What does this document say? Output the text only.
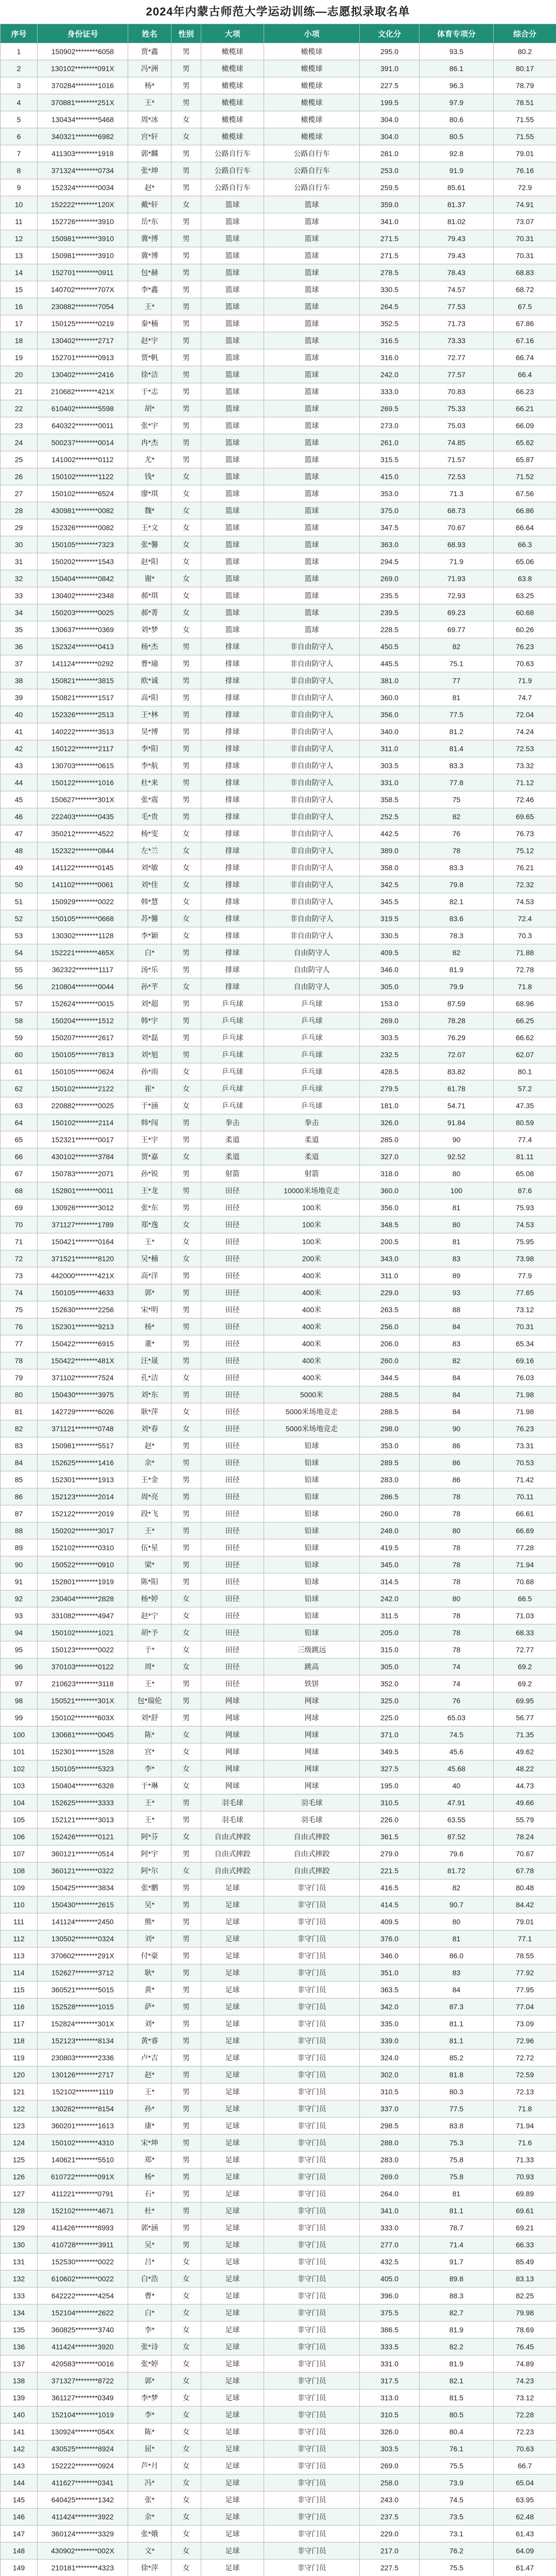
2024年内蒙古师范大学运动训练—志愿拟录取名单
序号	身份证号	姓名	性别	大项	小项	文化分	体育专项分	综合分
1	150902********6058	贾*鑫	男	橄榄球	橄榄球	295.0	93.5	80.2
2	130102********091X	冯*洲	男	橄榄球	橄榄球	391.0	86.1	80.17
3	370284********1016	杨*	男	橄榄球	橄榄球	227.5	96.3	78.79
4	370881********251X	王*	男	橄榄球	橄榄球	199.5	97.9	78.51
5	130434********5468	周*冰	女	橄榄球	橄榄球	304.0	80.6	71.55
6	340321********6982	宫*轩	女	橄榄球	橄榄球	304.0	80.5	71.55
7	411303********1918	郭*麟	男	公路自行车	公路自行车	281.0	92.8	79.01
8	371324********0734	张*坤	男	公路自行车	公路自行车	253.0	91.9	76.16
9	152324********0034	赵*	男	公路自行车	公路自行车	259.5	85.61	72.9
10	152222********120X	戴*轩	女	篮球	篮球	359.0	81.37	74.91
11	152726********3910	岳*东	男	篮球	篮球	341.0	81.02	73.07
12	150981********3910	冀*博	男	篮球	篮球	271.5	79.43	70.31
13	150981********3910	冀*博	男	篮球	篮球	271.5	79.43	70.31
14	152701********0911	包*赫	男	篮球	篮球	278.5	78.43	68.83
15	140702********707X	李*鑫	男	篮球	篮球	330.5	74.57	68.72
16	230882********7054	王*	男	篮球	篮球	264.5	77.53	67.5
17	150125********0219	秦*楠	男	篮球	篮球	352.5	71.73	67.86
18	130402********2717	赵*宇	男	篮球	篮球	316.5	73.33	67.16
19	152701********0913	贾*帆	男	篮球	篮球	316.0	72.77	66.74
20	130402********2416	徐*洁	男	篮球	篮球	242.0	77.57	66.4
21	210682********421X	于*志	男	篮球	篮球	333.0	70.83	66.23
22	610402********5598	胡*	男	篮球	篮球	269.5	75.33	66.21
23	640322********0011	张*宇	男	篮球	篮球	273.0	75.03	66.09
24	500237********0014	冉*杰	男	篮球	篮球	261.0	74.85	65.62
25	141002********0112	尤*	男	篮球	篮球	315.5	71.57	65.87
26	150102********1122	钱*	女	篮球	篮球	415.0	72.53	71.52
27	150102********6524	廖*琪	女	篮球	篮球	353.0	71.3	67.56
28	430981********0082	魏*	女	篮球	篮球	375.0	68.73	66.86
29	152326********0082	王*文	女	篮球	篮球	347.5	70.67	66.64
30	150105********7323	张*馨	女	篮球	篮球	363.0	68.93	66.3
31	150202********1543	赵*阳	女	篮球	篮球	294.5	71.9	65.06
32	150404********0842	谢*	女	篮球	篮球	269.0	71.93	63.8
33	130402********2348	郝*琪	女	篮球	篮球	235.5	72.93	63.25
34	150203********0025	郝*菁	女	篮球	篮球	239.5	69.23	60.68
35	130637********0369	刘*梦	女	篮球	篮球	228.5	69.77	60.26
36	152324********0413	杨*杰	男	排球	非自由防守人	450.5	82	76.23
37	141124********0292	曹*瑜	男	排球	非自由防守人	445.5	75.1	70.63
38	150821********3815	欧*诚	男	排球	非自由防守人	381.0	77	71.9
39	150821********1517	高*阳	男	排球	非自由防守人	360.0	81	74.7
40	152326********2513	王*林	男	排球	非自由防守人	356.0	77.5	72.04
41	140222********3513	昊*博	男	排球	非自由防守人	340.0	81.2	74.24
42	150122********2117	李*阳	男	排球	非自由防守人	311.0	81.4	72.53
43	130703********0615	李*航	男	排球	非自由防守人	303.5	83.3	73.32
44	150122********1016	杜*来	男	排球	非自由防守人	331.0	77.8	71.12
45	150627********301X	张*震	男	排球	非自由防守人	358.5	75	72.46
46	222403********0435	毛*贵	男	排球	非自由防守人	252.5	82	69.65
47	350212********4522	杨*雯	女	排球	非自由防守人	442.5	76	76.73
48	152322********0844	左*兰	女	排球	非自由防守人	389.0	78	75.12
49	141122********0145	刘*敏	女	排球	非自由防守人	358.0	83.3	76.21
50	141102********0061	刘*佳	女	排球	非自由防守人	342.5	79.8	72.32
51	150929********0022	韩*慧	女	排球	非自由防守人	345.5	82.1	74.53
52	150105********0668	苏*馨	女	排球	非自由防守人	319.5	83.6	72.4
53	130302********1128	李*颖	女	排球	非自由防守人	330.5	78.3	70.3
54	152221********465X	白*	男	排球	自由防守人	409.5	82	71.88
55	362322********1117	汤*乐	男	排球	自由防守人	346.0	81.9	72.78
56	210804********0044	孙*芊	女	排球	自由防守人	305.0	79.9	71.8
57	152624********0015	刘*超	男	乒乓球	乒乓球	153.0	87.59	68.96
58	150204********1512	韩*宇	男	乒乓球	乒乓球	269.0	78.28	66.25
59	150207********2617	刘*磊	男	乒乓球	乒乓球	303.5	76.29	66.62
60	150105********7813	刘*旭	男	乒乓球	乒乓球	232.5	72.07	62.07
61	150105********0624	孙*雨	女	乒乓球	乒乓球	428.5	83.82	80.1
62	150102********2122	崔*	女	乒乓球	乒乓球	279.5	61.78	57.2
63	220882********0025	于*涵	女	乒乓球	乒乓球	181.0	54.71	47.35
64	150102********2114	韩*闯	男	拳击	拳击	326.0	91.84	80.59
65	152321********0017	王*宇	男	柔道	柔道	285.0	90	77.4
66	430102********3784	贾*嘉	女	柔道	柔道	327.0	92.52	81.11
67	150783********2071	孙*锐	男	射箭	射箭	318.0	80	65.08
68	152801********0011	王*龙	男	田径	10000米场地竞走	360.0	100	87.6
69	130926********3012	张*东	男	田径	100米	356.0	81	75.93
70	371127********1789	郑*逸	女	田径	100米	348.5	80	74.53
71	150421********0164	王*	女	田径	100米	200.5	81	75.95
72	371521********8120	吴*楠	女	田径	200米	343.0	83	73.98
73	442000********421X	高*洋	男	田径	400米	311.0	89	77.9
74	150105********4633	郭*	男	田径	400米	229.0	93	77.65
75	152630********2256	宋*明	男	田径	400米	263.5	88	73.12
76	152301********9213	杨*	男	田径	400米	256.0	84	70.31
77	150422********6915	董*	男	田径	400米	206.0	83	65.34
78	150422********481X	汪*晟	男	田径	400米	260.0	82	69.16
79	371102********7524	孔*洁	女	田径	400米	344.5	84	76.03
80	150430********3975	刘*东	男	田径	5000米	288.5	84	71.98
81	142729********6026	耿*萍	女	田径	5000米场地竞走	288.5	84	71.98
82	371121********0748	刘*春	女	田径	5000米场地竞走	298.0	90	76.23
83	150981********5517	赵*	男	田径	铅球	353.0	86	73.31
84	152625********1416	余*	男	田径	铅球	289.5	86	70.53
85	152301********1913	王*金	男	田径	铅球	283.0	86	71.42
86	152123********2014	周*亮	男	田径	铅球	286.5	78	70.11
87	152122********2019	段*飞	男	田径	铅球	260.0	78	66.61
88	150202********3017	王*	男	田径	铅球	248.0	80	66.69
89	152102********0310	伍*星	男	田径	铅球	419.5	78	77.28
90	150522********0910	梁*	男	田径	铅球	345.0	78	71.94
91	152801********1919	陈*阳	男	田径	铅球	314.5	78	70.68
92	230404********2828	杨*婷	女	田径	铅球	242.0	80	66.5
93	331082********4947	赵*宁	女	田径	铅球	311.5	78	71.03
94	150102********1021	胡*予	女	田径	铅球	205.0	78	68.33
95	150123********0022	于*	女	田径	三级跳远	315.0	78	72.77
96	370103********0122	周*	女	田径	跳高	305.0	74	69.2
97	210623********3118	王*	男	田径	铁饼	352.0	74	69.2
98	150521********301X	包*瑞伦	男	网球	网球	325.0	76	69.95
99	150102********603X	刘*舒	男	网球	网球	225.0	65.03	56.77
100	130681********0045	陈*	女	网球	网球	371.0	74.5	71.35
101	152301********1528	宫*	女	网球	网球	349.5	45.6	49.62
102	150105********5323	李*	女	网球	网球	327.5	45.68	48.22
103	150404********6328	于*琳	女	网球	网球	195.0	40	44.73
104	152625********3333	王*	男	羽毛球	羽毛球	310.5	47.91	49.66
105	152121********3013	王*	男	羽毛球	羽毛球	226.0	63.55	55.79
106	152426********0121	阿*芬	女	自由式摔跤	自由式摔跤	361.5	87.52	78.24
107	360121********0514	阿*宇	男	自由式摔跤	自由式摔跤	279.0	79.6	70.67
108	360121********0322	阿*尔	女	自由式摔跤	自由式摔跤	221.5	81.72	67.78
109	150425********3834	张*鹏	男	足球	非守门员	416.5	82	80.48
110	150430********2615	吴*	男	足球	非守门员	414.5	90.7	84.42
111	141124********2450	熊*	男	足球	非守门员	409.5	80	79.01
112	130502********0324	刘*	男	足球	非守门员	376.0	81	77.1
113	370602********291X	付*豪	男	足球	非守门员	346.0	86.0	78.55
114	152627********3712	耿*	男	足球	非守门员	351.0	83	77.92
115	360521********5015	黄*	男	足球	非守门员	363.5	84	77.95
116	152528********1015	萨*	男	足球	非守门员	342.0	87.3	77.04
117	152824********301X	刘*	男	足球	非守门员	335.0	81.1	73.09
118	152123********8134	黄*睿	男	足球	非守门员	339.0	81.1	72.96
119	230803********2336	卢*吉	男	足球	非守门员	324.0	85.2	72.72
120	130126********2717	赵*	男	足球	非守门员	302.0	81.8	72.59
121	152102********1119	王*	男	足球	非守门员	310.5	80.3	72.13
122	130282********8154	孙*	男	足球	非守门员	337.0	77.5	71.8
123	360201********1613	康*	男	足球	非守门员	298.5	83.8	71.94
124	150102********4310	宋*坤	男	足球	非守门员	288.0	75.3	71.6
125	140621********5510	郑*	男	足球	非守门员	283.0	75.8	71.33
126	610722********091X	杨*	男	足球	非守门员	269.0	75.8	70.93
127	411221********0791	石*	男	足球	非守门员	264.0	81	69.89
128	152102********4671	杜*	男	足球	非守门员	341.0	81.1	69.61
129	411426********8993	郭*涵	男	足球	非守门员	333.0	78.7	69.21
130	410728********3911	吴*	男	足球	非守门员	277.0	71.4	66.33
131	152530********0022	吕*	女	足球	非守门员	432.5	91.7	85.49
132	610602********0022	白*浩	女	足球	非守门员	405.0	89.8	83.13
133	642222********4254	曹*	女	足球	非守门员	396.0	88.3	82.25
134	152104********2622	白*	女	足球	非守门员	375.5	82.7	79.98
135	360825********3740	李*	女	足球	非守门员	386.5	81.9	78.69
136	411424********3920	张*诗	女	足球	非守门员	333.5	82.2	76.45
137	420583********0016	张*婷	女	足球	非守门员	331.0	81.9	74.89
138	371327********8722	郭*	女	足球	非守门员	317.5	82.1	74.23
139	361127********0349	李*梦	女	足球	非守门员	313.0	81.5	73.12
140	152104********1019	李*	女	足球	非守门员	310.5	80.5	72.28
141	130924********054X	陈*	女	足球	非守门员	326.0	80.4	72.23
142	430525********8924	屈*	女	足球	非守门员	303.5	76.1	70.63
143	152222********0924	芦*月	女	足球	非守门员	269.0	75.5	66.7
144	411627********0341	冯*	女	足球	非守门员	258.0	73.9	65.04
145	640425********1342	张*	女	足球	非守门员	243.0	74.5	63.95
146	411424********3922	余*	女	足球	非守门员	237.5	73.5	62.48
147	360124********3329	张*娥	女	足球	非守门员	229.0	73.1	61.43
148	430902********002X	文*	女	足球	非守门员	217.0	76.2	64.09
149	210181********4323	徐*萍	女	足球	非守门员	227.5	75.5	61.47
